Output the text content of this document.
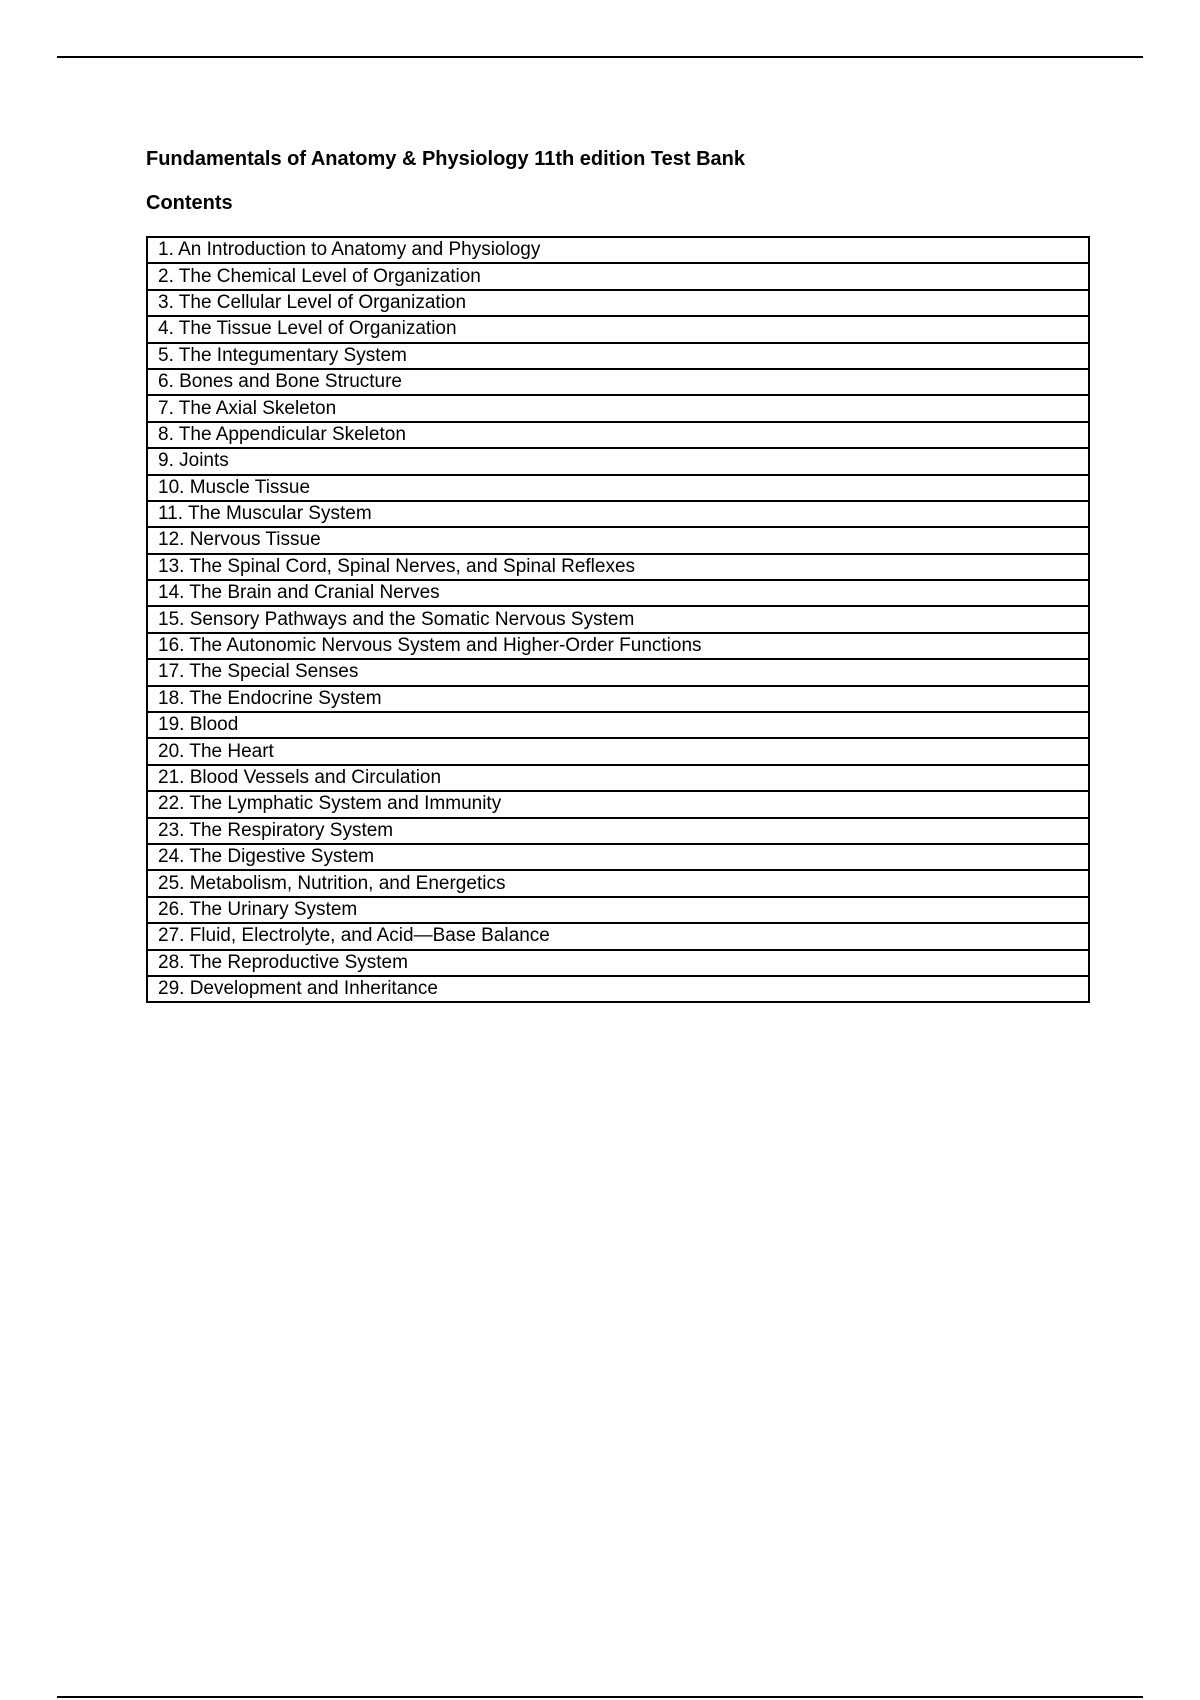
Fundamentals of Anatomy & Physiology 11th edition Test Bank
Contents
1. An Introduction to Anatomy and Physiology
2. The Chemical Level of Organization
3. The Cellular Level of Organization
4. The Tissue Level of Organization
5. The Integumentary System
6. Bones and Bone Structure
7. The Axial Skeleton
8. The Appendicular Skeleton
9. Joints
10. Muscle Tissue
11. The Muscular System
12. Nervous Tissue
13. The Spinal Cord, Spinal Nerves, and Spinal Reflexes
14. The Brain and Cranial Nerves
15. Sensory Pathways and the Somatic Nervous System
16. The Autonomic Nervous System and Higher-Order Functions
17. The Special Senses
18. The Endocrine System
19. Blood
20. The Heart
21. Blood Vessels and Circulation
22. The Lymphatic System and Immunity
23. The Respiratory System
24. The Digestive System
25. Metabolism, Nutrition, and Energetics
26. The Urinary System
27. Fluid, Electrolyte, and Acid—Base Balance
28. The Reproductive System
29. Development and Inheritance
